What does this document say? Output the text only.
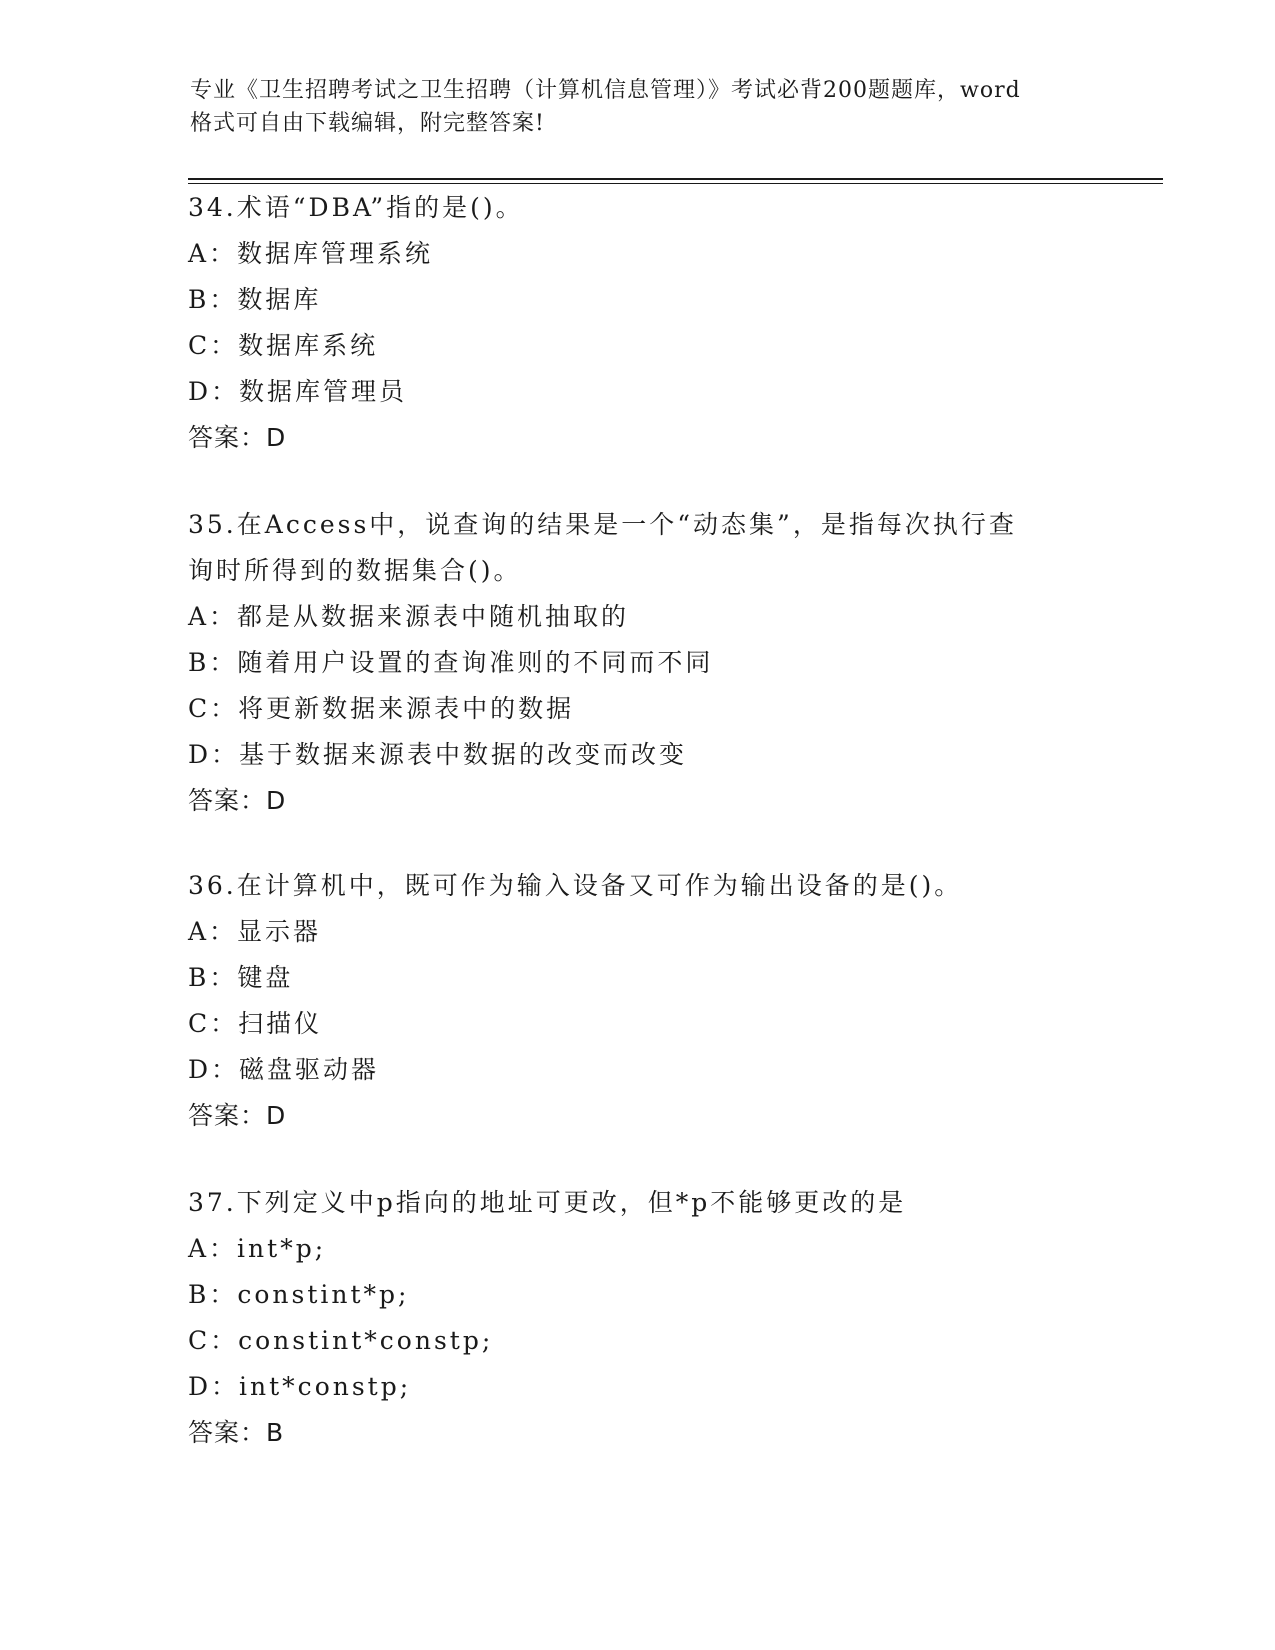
专业《卫生招聘考试之卫生招聘（计算机信息管理）》考试必背200题题库，word
格式可自由下载编辑，附完整答案!
34.术语“DBA”指的是()。
A：数据库管理系统
B：数据库
C：数据库系统
D：数据库管理员
答案：D
35.在Access中，说查询的结果是一个“动态集”，是指每次执行查
询时所得到的数据集合()。
A：都是从数据来源表中随机抽取的
B：随着用户设置的查询准则的不同而不同
C：将更新数据来源表中的数据
D：基于数据来源表中数据的改变而改变
答案：D
36.在计算机中，既可作为输入设备又可作为输出设备的是()。
A：显示器
B：键盘
C：扫描仪
D：磁盘驱动器
答案：D
37.下列定义中p指向的地址可更改，但*p不能够更改的是
A：int*p;
B：constint*p;
C：constint*constp;
D：int*constp;
答案：B
